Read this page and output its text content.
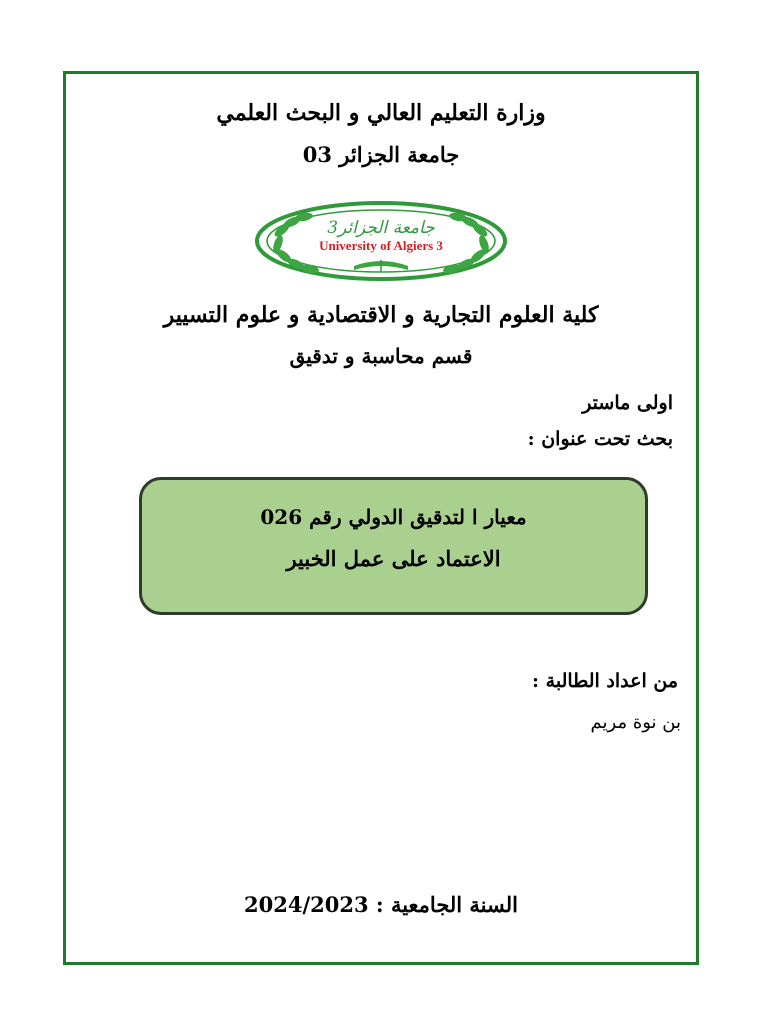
وزارة التعليم العالي و البحث العلمي
جامعة الجزائر 03
جامعة الجزائر3
University of Algiers 3
كلية العلوم التجارية و الاقتصادية و علوم التسيير
قسم محاسبة و تدقيق
اولى ماستر
بحث تحت عنوان :
معيار ا لتدقيق الدولي رقم 026
الاعتماد على عمل الخبير
من اعداد الطالبة :
بن نوة مريم
السنة الجامعية : 2024/2023
